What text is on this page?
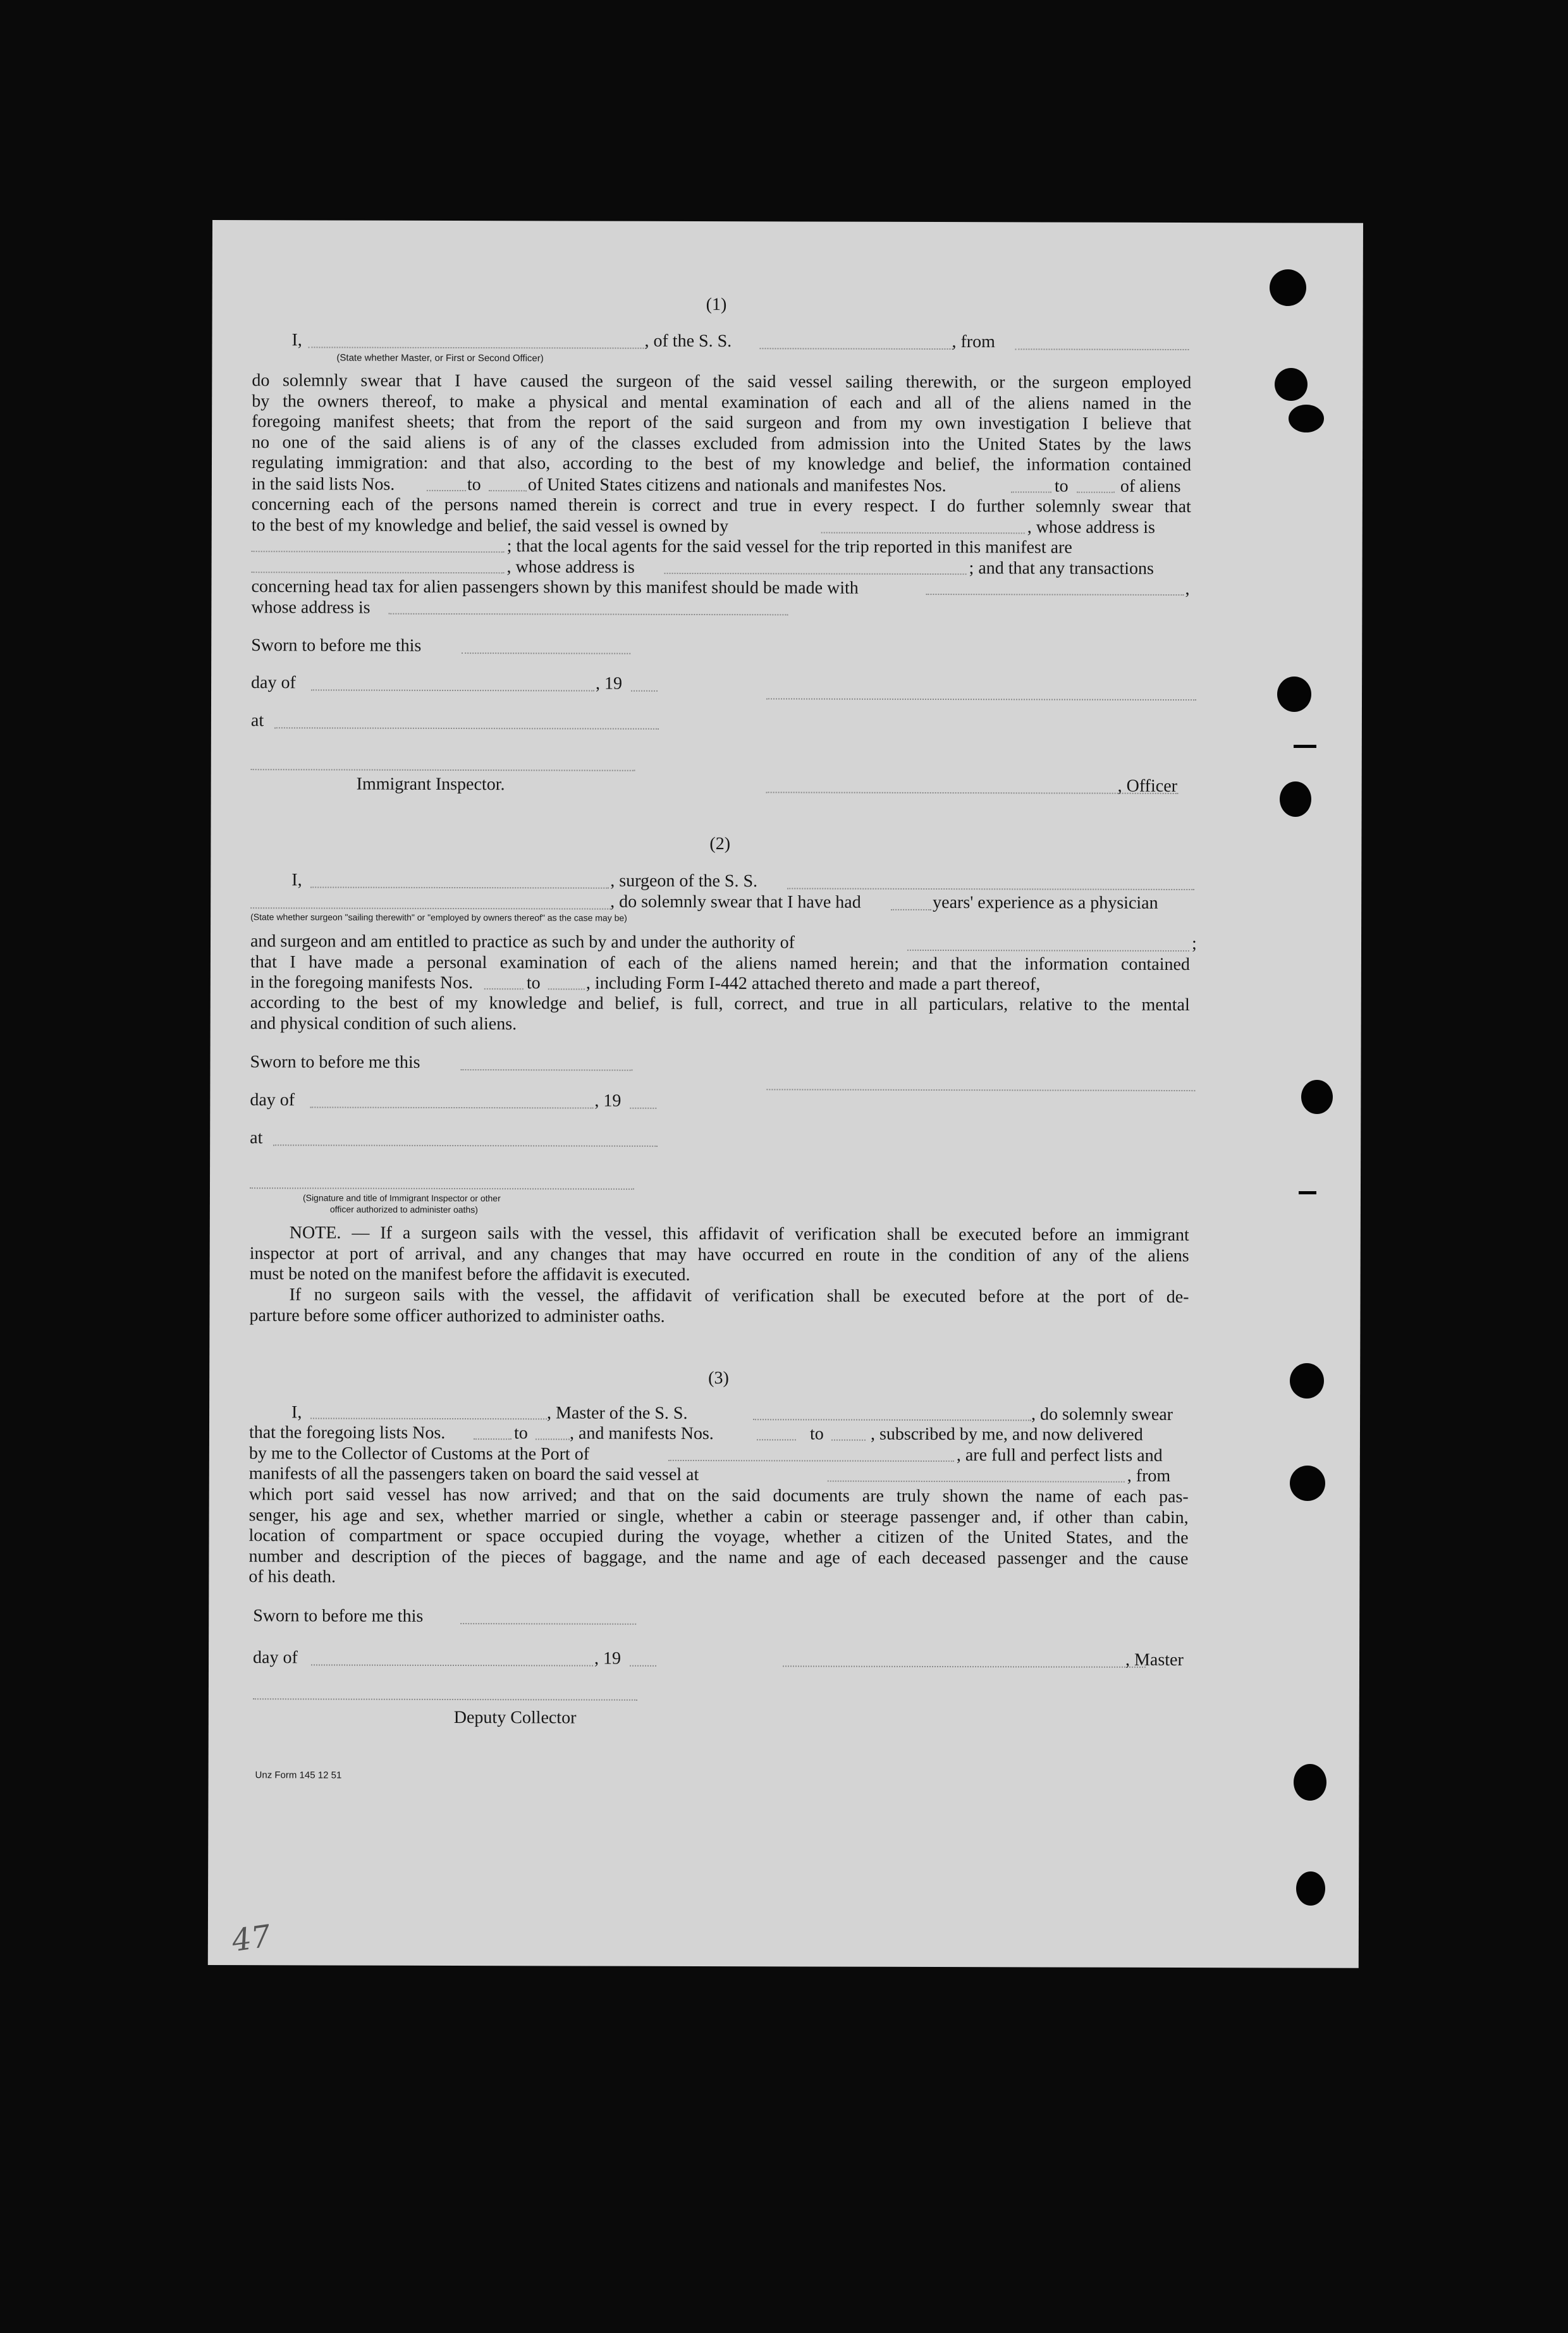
(1)
I,	, of the S. S.	, from
(State whether Master, or First or Second Officer)
do solemnly swear that I have caused the surgeon of the said vessel sailing therewith, or the surgeon employed
by the owners thereof, to make a physical and mental examination of each and all of the aliens named in the
foregoing manifest sheets; that from the report of the said surgeon and from my own investigation I believe that
no one of the said aliens is of any of the classes excluded from admission into the United States by the laws
regulating immigration: and that also, according to the best of my knowledge and belief, the information contained
in the said lists Nos.	to	of United States citizens and nationals and manifestes Nos.	to	of aliens
concerning each of the persons named therein is correct and true in every respect. I do further solemnly swear that
to the best of my knowledge and belief, the said vessel is owned by	, whose address is
; that the local agents for the said vessel for the trip reported in this manifest are
, whose address is	; and that any transactions
concerning head tax for alien passengers shown by this manifest should be made with	,
whose address is
Sworn to before me this
day of	, 19
at
Immigrant Inspector.	, Officer
(2)
I,	, surgeon of the S. S.
, do solemnly swear that I have had	years' experience as a physician
(State whether surgeon "sailing therewith" or "employed by owners thereof" as the case may be)
and surgeon and am entitled to practice as such by and under the authority of	;
that I have made a personal examination of each of the aliens named herein; and that the information contained
in the foregoing manifests Nos.	to	, including Form I-442 attached thereto and made a part thereof,
according to the best of my knowledge and belief, is full, correct, and true in all particulars, relative to the mental
and physical condition of such aliens.
Sworn to before me this
day of	, 19
at
(Signature and title of Immigrant Inspector or other
officer authorized to administer oaths)
NOTE. — If a surgeon sails with the vessel, this affidavit of verification shall be executed before an immigrant
inspector at port of arrival, and any changes that may have occurred en route in the condition of any of the aliens
must be noted on the manifest before the affidavit is executed.
If no surgeon sails with the vessel, the affidavit of verification shall be executed before at the port of de-
parture before some officer authorized to administer oaths.
(3)
I,	, Master of the S. S.	, do solemnly swear
that the foregoing lists Nos.	to , and manifests Nos.	to	, subscribed by me, and now delivered
by me to the Collector of Customs at the Port of	, are full and perfect lists and
manifests of all the passengers taken on board the said vessel at	, from
which port said vessel has now arrived; and that on the said documents are truly shown the name of each pas-
senger, his age and sex, whether married or single, whether a cabin or steerage passenger and, if other than cabin,
location of compartment or space occupied during the voyage, whether a citizen of the United States, and the
number and description of the pieces of baggage, and the name and age of each deceased passenger and the cause
of his death.
Sworn to before me this
day of	, 19	, Master
Deputy Collector
Unz Form 145 12 51
47
